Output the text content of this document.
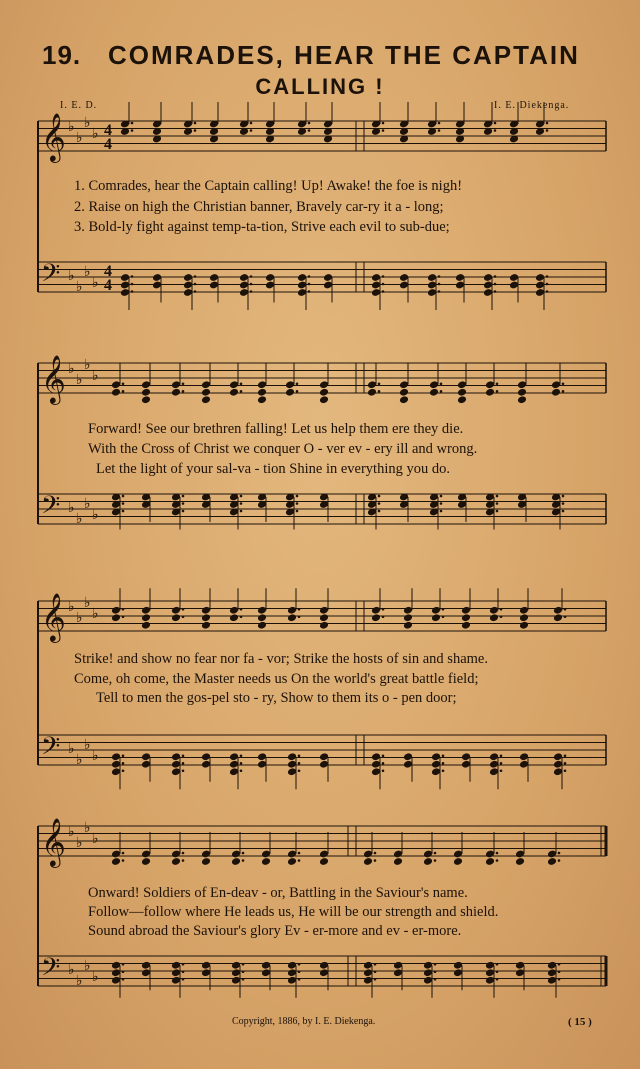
19. COMRADES, HEAR THE CAPTAIN
CALLING !
I. E. D.	I. E. Diekenga.
𝄞 ♭
♭
♭
♭
𝄢 ♭
♭
♭
♭
𝄞 ♭
♭
♭
♭
𝄢 ♭
♭
♭
♭
𝄞 ♭
♭
♭
♭
𝄢 ♭
♭
♭
♭
𝄞 ♭
♭
♭
♭
𝄢 ♭
♭
♭
♭
4
4
4
4
1. Comrades, hear the Captain calling! Up! Awake! the foe is nigh!
2. Raise on high the Christian banner, Bravely car-ry it a - long;
3. Bold-ly fight against temp-ta-tion, Strive each evil to sub-due;
Forward! See our brethren falling! Let us help them ere they die.
With the Cross of Christ we conquer O - ver ev - ery ill and wrong.
Let the light of your sal-va - tion Shine in everything you do.
Strike! and show no fear nor fa - vor; Strike the hosts of sin and shame.
Come, oh come, the Master needs us On the world's great battle field;
Tell to men the gos-pel sto - ry, Show to them its o - pen door;
Onward! Soldiers of En-deav - or, Battling in the Saviour's name.
Follow—follow where He leads us, He will be our strength and shield.
Sound abroad the Saviour's glory Ev - er-more and ev - er-more.
Copyright, 1886, by I. E. Diekenga.	( 15 )
